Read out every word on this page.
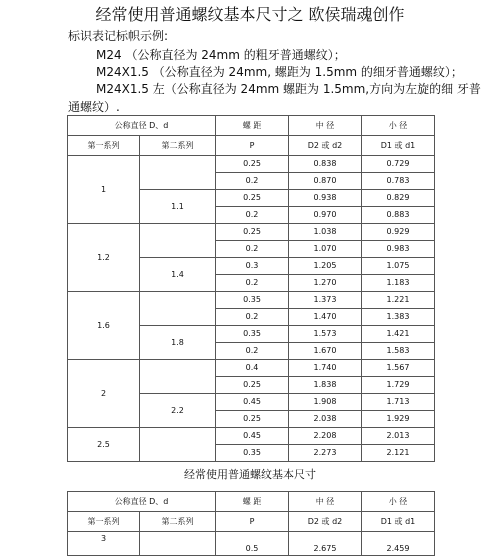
经常使用普通螺纹基本尺寸之 欧侯瑞魂创作
标识表记标帜示例:
M24 （公称直径为 24mm 的粗牙普通螺纹）；
M24X1.5 （公称直径为 24mm, 螺距为 1.5mm 的细牙普通螺纹）；
M24X1.5 左（公称直径为 24mm 螺距为 1.5mm,方向为左旋的细 牙普
通螺纹）.
公称直径 D、d		螺 距	中 径	小 径
第一系列	第二系列	P	D2 或 d2	D1 或 d1
1		0.25	0.838	0.729
		0.2	0.870	0.783
	1.1	0.25	0.938	0.829
		0.2	0.970	0.883
1.2		0.25	1.038	0.929
		0.2	1.070	0.983
	1.4	0.3	1.205	1.075
		0.2	1.270	1.183
1.6		0.35	1.373	1.221
		0.2	1.470	1.383
	1.8	0.35	1.573	1.421
		0.2	1.670	1.583
2		0.4	1.740	1.567
		0.25	1.838	1.729
	2.2	0.45	1.908	1.713
		0.25	2.038	1.929
2.5		0.45	2.208	2.013
		0.35	2.273	2.121
经常使用普通螺纹基本尺寸
公称直径 D、d		螺 距	中 径	小 径
第一系列	第二系列	P	D2 或 d2	D1 或 d1
3		0.5	2.675	2.459
